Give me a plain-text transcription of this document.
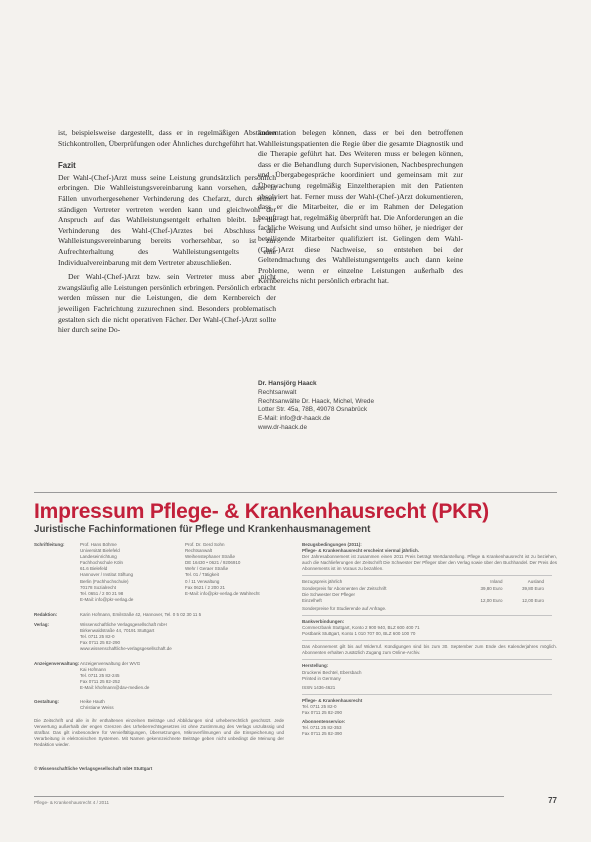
ist, beispielsweise dargestellt, dass er in regelmäßigen Abständen Stichkontrollen, Überprüfungen oder Ähnliches durchgeführt hat.

Fazit

Der Wahl-(Chef-)Arzt muss seine Leistung grundsätzlich persönlich erbringen. Die Wahlleistungsvereinbarung kann vorsehen, dass in Fällen unvorhergesehener Verhinderung des Chefarzt, durch seinen ständigen Vertreter vertreten werden kann und gleichwohl der Anspruch auf das Wahlleistungsentgelt erhalten bleibt. Ist die Verhinderung des Wahl-(Chef-)Arztes bei Abschluss der Wahlleistungsvereinbarung bereits vorhersehbar, so ist zur Aufrechterhaltung des Wahlleistungsentgelts eine Individualvereinbarung mit dem Vertreter abzuschließen.

Der Wahl-(Chef-)Arzt bzw. sein Vertreter muss aber nicht zwangsläufig alle Leistungen persönlich erbringen. Persönlich erbracht werden müssen nur die Leistungen, die dem Kernbereich der jeweiligen Fachrichtung zuzurechnen sind. Besonders problematisch gestalten sich die nicht operativen Fächer. Der Wahl-(Chef-)Arzt sollte hier durch seine Do-

kumentation belegen können, dass er bei den betroffenen Wahlleistungspatienten die Regie über die gesamte Diagnostik und die Therapie geführt hat. Des Weiteren muss er belegen können, dass er die Behandlung durch Supervisionen, Nachbesprechungen und Übergabegespräche koordiniert und gemeinsam mit zur Überwachung regelmäßig Einzeltherapien mit den Patienten absolviert hat. Ferner muss der Wahl-(Chef-)Arzt dokumentieren, dass er die Mitarbeiter, die er im Rahmen der Delegation beauftragt hat, regelmäßig überprüft hat. Die Anforderungen an die fachliche Weisung und Aufsicht sind umso höher, je niedriger der beteiligende Mitarbeiter qualifiziert ist. Gelingen dem Wahl-(Chef-)Arzt diese Nachweise, so entstehen bei der Geltendmachung des Wahlleistungsentgelts auch dann keine Probleme, wenn er einzelne Leistungen außerhalb des Kernbereichs nicht persönlich erbracht hat.

Dr. Hansjörg Haack
Rechtsanwalt
Rechtsanwälte Dr. Haack, Michel, Wrede
Lotter Str. 45a, 78B, 49078 Osnabrück
E-Mail: info@dr-haack.de
www.dr-haack.de
Impressum Pflege- & Krankenhausrecht (PKR)
Juristische Fachinformationen für Pflege und Krankenhausmanagement
Schriftleitung:	Prof. Hans Böhme
Universität Bielefeld
Landeseinrichtung
Fachhochschule Köln
61.6 Bielefeld
Hannover / Institut Stiftung
Berlin (Fachhochschule)
70178 Sozialrecht
Tel. 0651 / 2 00 21 98
E-Mail: info@pkr-verlag.de
Prof. Dr. Gerd Sohn
Rechtsanwalt
Weihenstephaner Straße
DE 16430 • 0621 / 9206910
Wehr / Geraer Straße
Tel. 01 / Tätigkeit
0 / 11 Verwaltung
Fax 0621 / 2 200 21
E-Mail: info@pkr-verlag.de Wahlrecht
Redaktion:	Karin Hofmann, Emilstraße 42, Hannover, Tel. 0 5 02 30 11 5
Verlag:	Wissenschaftliche Verlagsgesellschaft mbH
Birkenwaldstraße 44, 70191 Stuttgart
Tel. 0711 25 82-0
Fax 0711 25 82-290
www.wissenschaftliche-verlagsgesellschaft.de
Anzeigenverwaltung: Anzeigenverwaltung der WVG
Kai Hofmann
Tel. 0711 25 82-245
Fax 0711 25 82-252
E-Mail: khofmann@dav-medien.de
Gestaltung:	Heike Hauth
Christiane Weiss
Die Zeitschrift und alle in ihr enthaltenen einzelnen Beiträge und Abbildungen sind urheberrechtlich geschützt. Jede Verwertung außerhalb der engen Grenzen des Urheberrechtsgesetzes ist ohne Zustimmung des Verlags unzulässig und strafbar. Das gilt insbesondere für Vervielfältigungen, Übersetzungen, Mikroverfilmungen und die Einspeicherung und Verarbeitung in elektronischen Systemen. Mit Namen gekennzeichnete Beiträge geben nicht unbedingt die Meinung der Redaktion wieder.
© Wissenschaftliche Verlagsgesellschaft mbH Stuttgart
Bezugsbedingungen (2011):
Pflege- & Krankenhausrecht erscheint viermal jährlich.
Der Jahresabonnement ist zusammen einen 2011 Preis beträgt Wertdarstellung. Pflege & Krankenhausrecht ist zu beziehen, auch die Nachlieferungen der Zeitschrift Die Schwester Der Pfleger über den Verlag sowie über den Buchhandel. Der Preis des Abonnements ist im Voraus zu bezahlen.
Bezugspreis jährlich	Inland	Ausland
Sonderpreis für Abonnenten der Zeitschrift	39,80 Euro	39,80 Euro
Die Schwester Der Pfleger		
Einzelheft	12,00 Euro	12,00 Euro
Sonderpreise für Studierende auf Anfrage.
Bankverbindungen:
Commerzbank Stuttgart, Konto 2 900 940, BLZ 600 400 71
Postbank Stuttgart, Konto 1 010 707 00, BLZ 600 100 70
Das Abonnement gilt bis auf Widerruf. Kündigungen sind bis zum 30. September zum Ende des Kalenderjahres möglich. Abonnenten erhalten zusätzlich Zugang zum Online-Archiv.
Herstellung:
Druckerei Bechtel, Ebersbach
Printed in Germany
ISSN 1436-4621
Pflege- & Krankenhausrecht
Tel. 0711 25 82-0
Fax 0711 25 82-290
Abonnentenservice:
Tel. 0711 25 82-353
Fax 0711 25 82-390
Pflege- & Krankenhausrecht 4 / 2011	77
